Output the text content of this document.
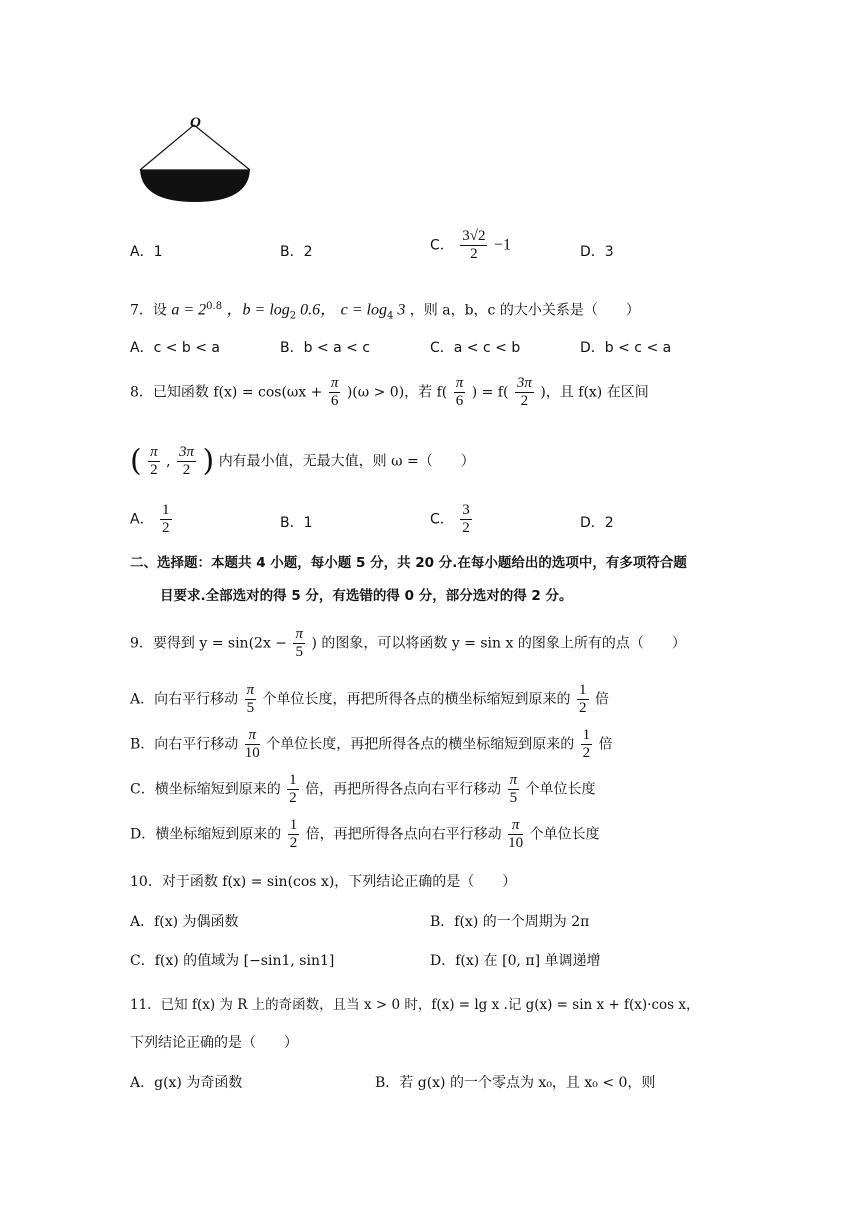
O
A．1	B．2	C． $\frac{3√2}{2} -1$	D．3
7．设 $a = 2^{0.8}$ ，$b = \log_2 0.6$， $c = \log_4 3$ ，则 a，b，c 的大小关系是（　　）
A．c < b < a	B．b < a < c	C．a < c < b	D．b < c < a
8．已知函数 $f(x) = \cos(\omega x + \frac{\pi}{6} )(\omega > 0)$，若 $f( \frac{\pi}{6}$ ) = $f( \frac{3\pi}{2}$ )，且 f(x) 在区间
( $\frac{\pi}{2}$ , $\frac{3\pi}{2}$ ) 内有最小值，无最大值，则 ω =（　　）
A． $\frac{1}{2}$	B．1	C． $\frac{3}{2}$	D．2
二、选择题：本题共 4 小题，每小题 5 分，共 20 分.在每小题给出的选项中，有多项符合题
目要求.全部选对的得 5 分，有选错的得 0 分，部分选对的得 2 分。
9．要得到 $y = \sin(2x - \frac{\pi}{5}$ ) 的图象，可以将函数 y = sin x 的图象上所有的点（　　）
A．向右平行移动 $\frac{\pi}{5}$ 个单位长度，再把所得各点的横坐标缩短到原来的 $\frac{1}{2}$ 倍
B．向右平行移动 $\frac{\pi}{10}$ 个单位长度，再把所得各点的横坐标缩短到原来的 $\frac{1}{2}$ 倍
C．横坐标缩短到原来的 $\frac{1}{2}$ 倍，再把所得各点向右平行移动 $\frac{\pi}{5}$ 个单位长度
D．横坐标缩短到原来的 $\frac{1}{2}$ 倍，再把所得各点向右平行移动 $\frac{\pi}{10}$ 个单位长度
10．对于函数 f(x) = sin(cos x)，下列结论正确的是（　　）
A．f(x) 为偶函数	B．f(x) 的一个周期为 2π
C．f(x) 的值域为 [−sin1, sin1]	D．f(x) 在 [0, π] 单调递增
11．已知 f(x) 为 R 上的奇函数，且当 x > 0 时，f(x) = lg x .记 g(x) = sin x + f(x)·cos x，
下列结论正确的是（　　）
A．g(x) 为奇函数	B．若 g(x) 的一个零点为 x₀，且 x₀ < 0，则
